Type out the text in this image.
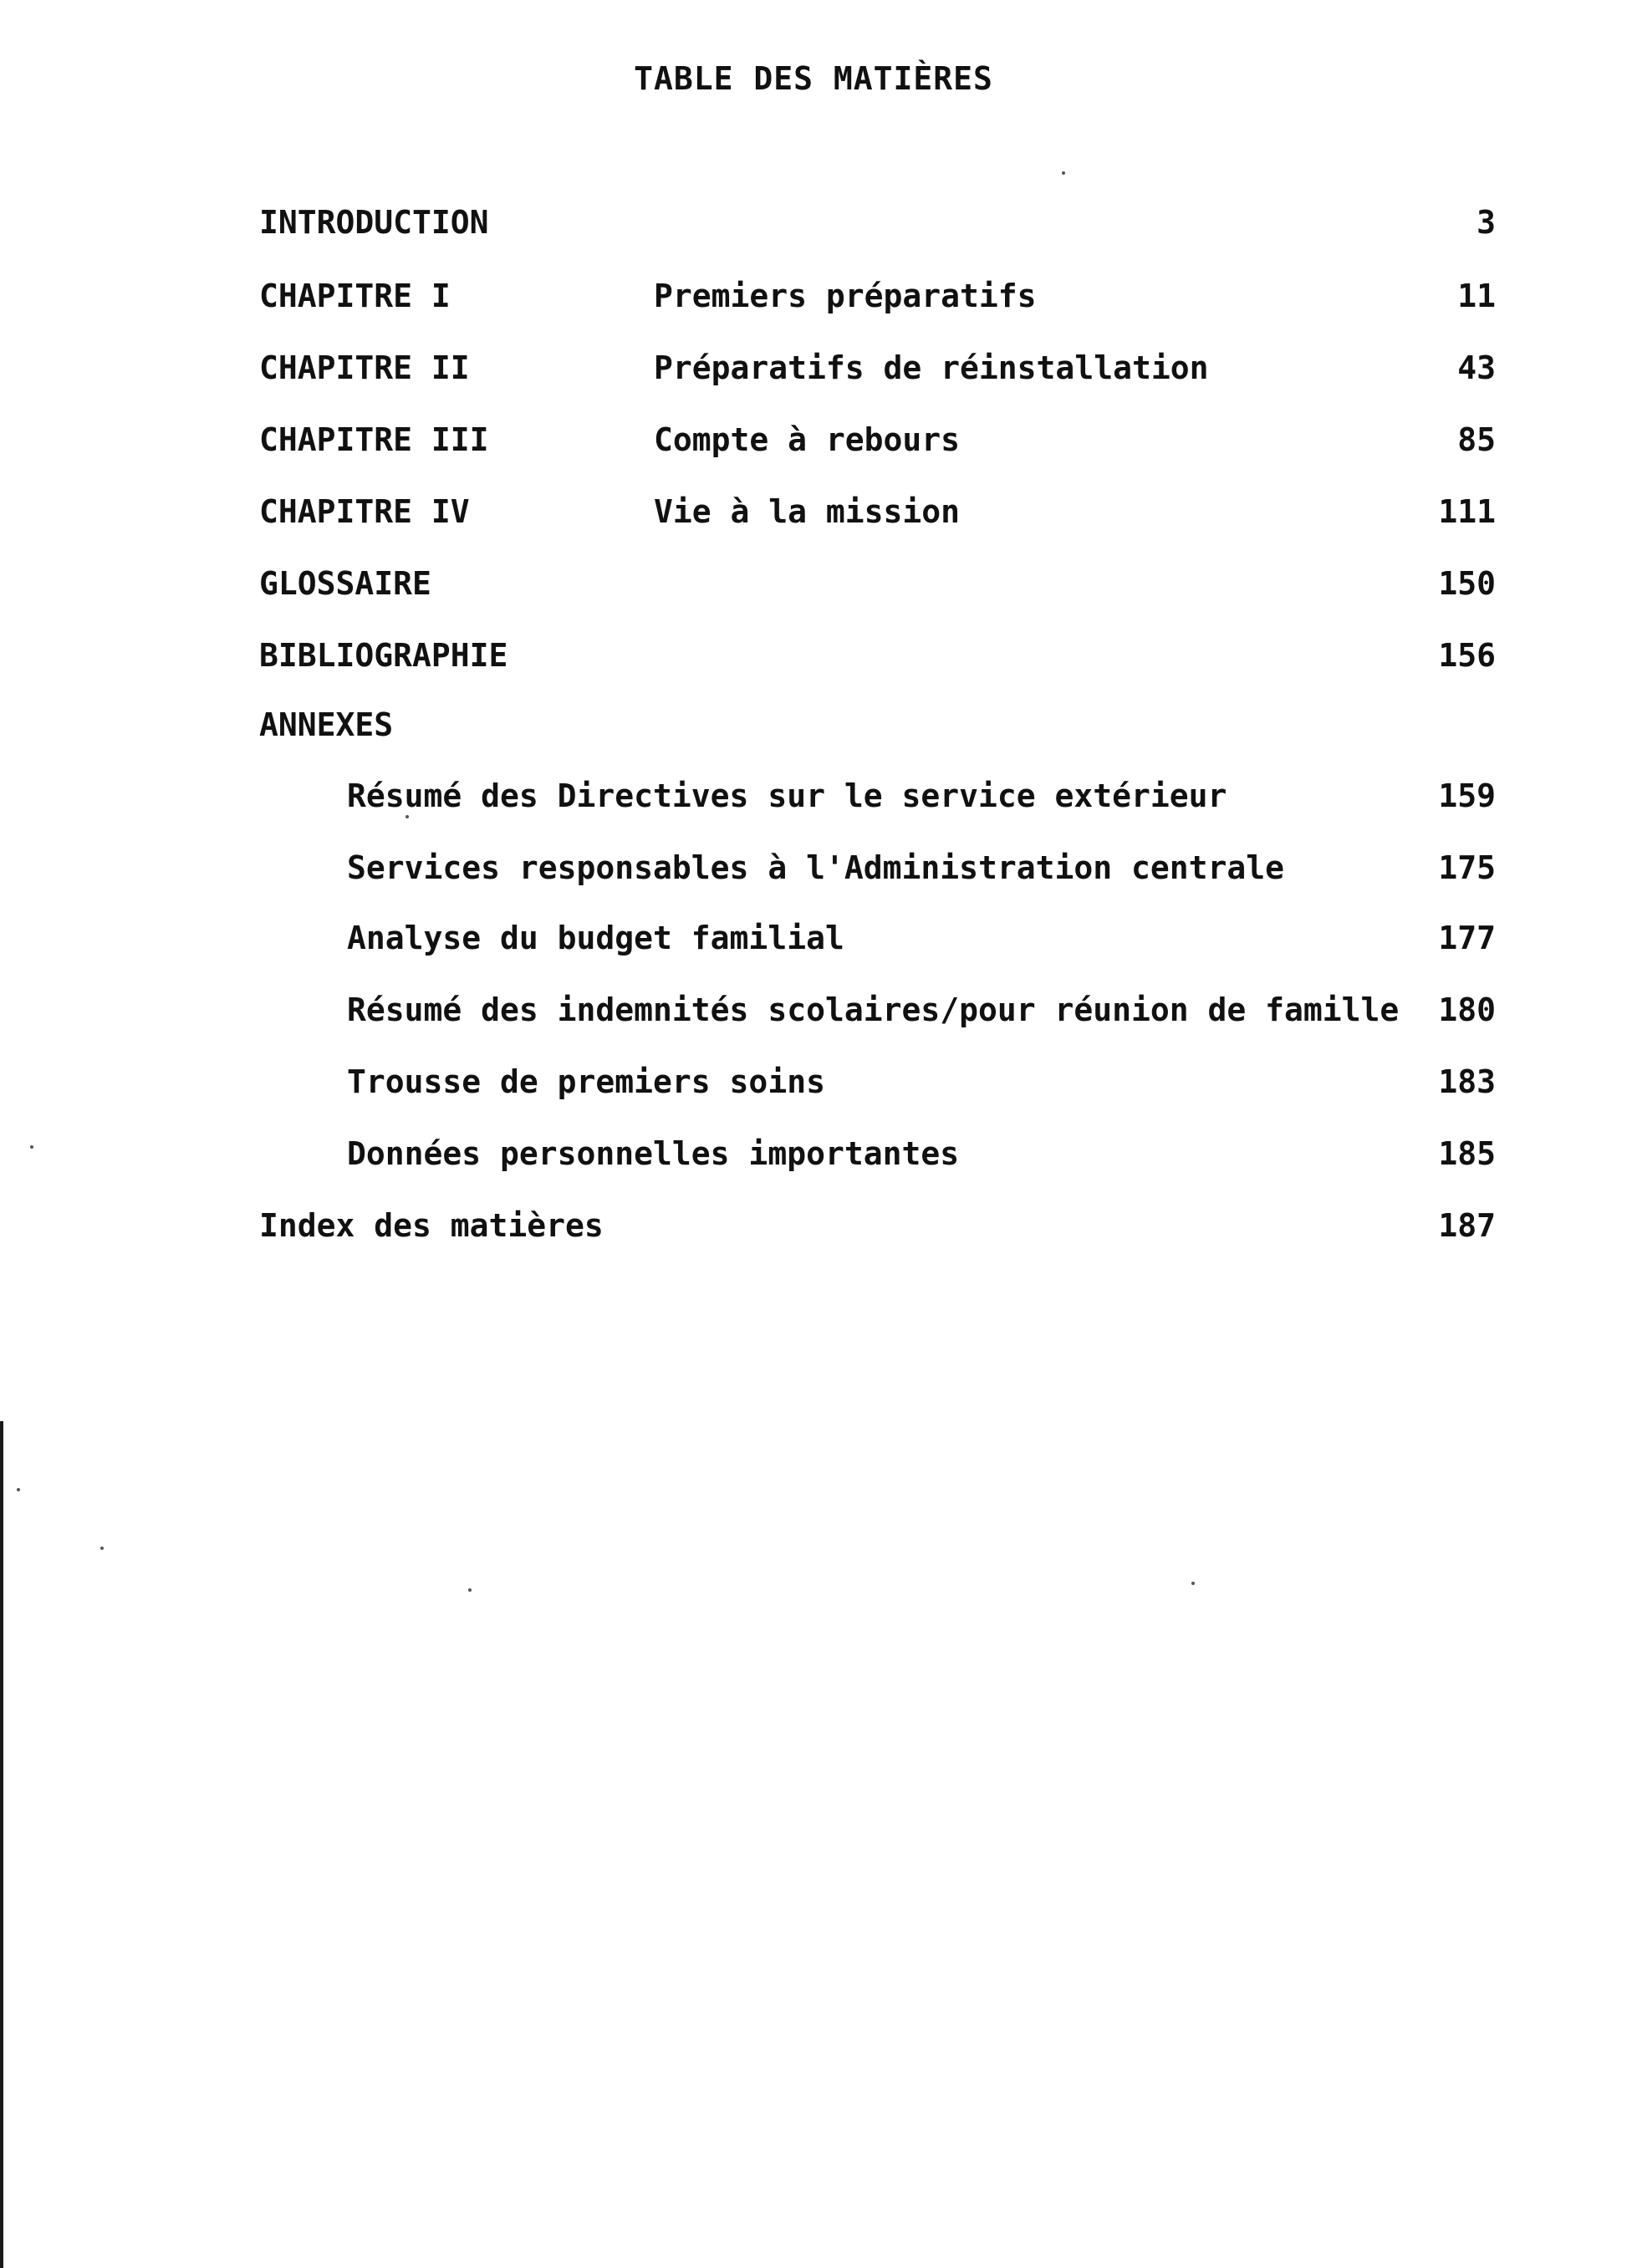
TABLE DES MATIÈRES
INTRODUCTION	3
CHAPITRE I	Premiers préparatifs	11
CHAPITRE II	Préparatifs de réinstallation	43
CHAPITRE III	Compte à rebours	85
CHAPITRE IV	Vie à la mission	111
GLOSSAIRE	150
BIBLIOGRAPHIE	156
ANNEXES
Résumé des Directives sur le service extérieur	159
Services responsables à l'Administration centrale	175
Analyse du budget familial	177
Résumé des indemnités scolaires/pour réunion de famille 180
Trousse de premiers soins	183
Données personnelles importantes	185
Index des matières	187
